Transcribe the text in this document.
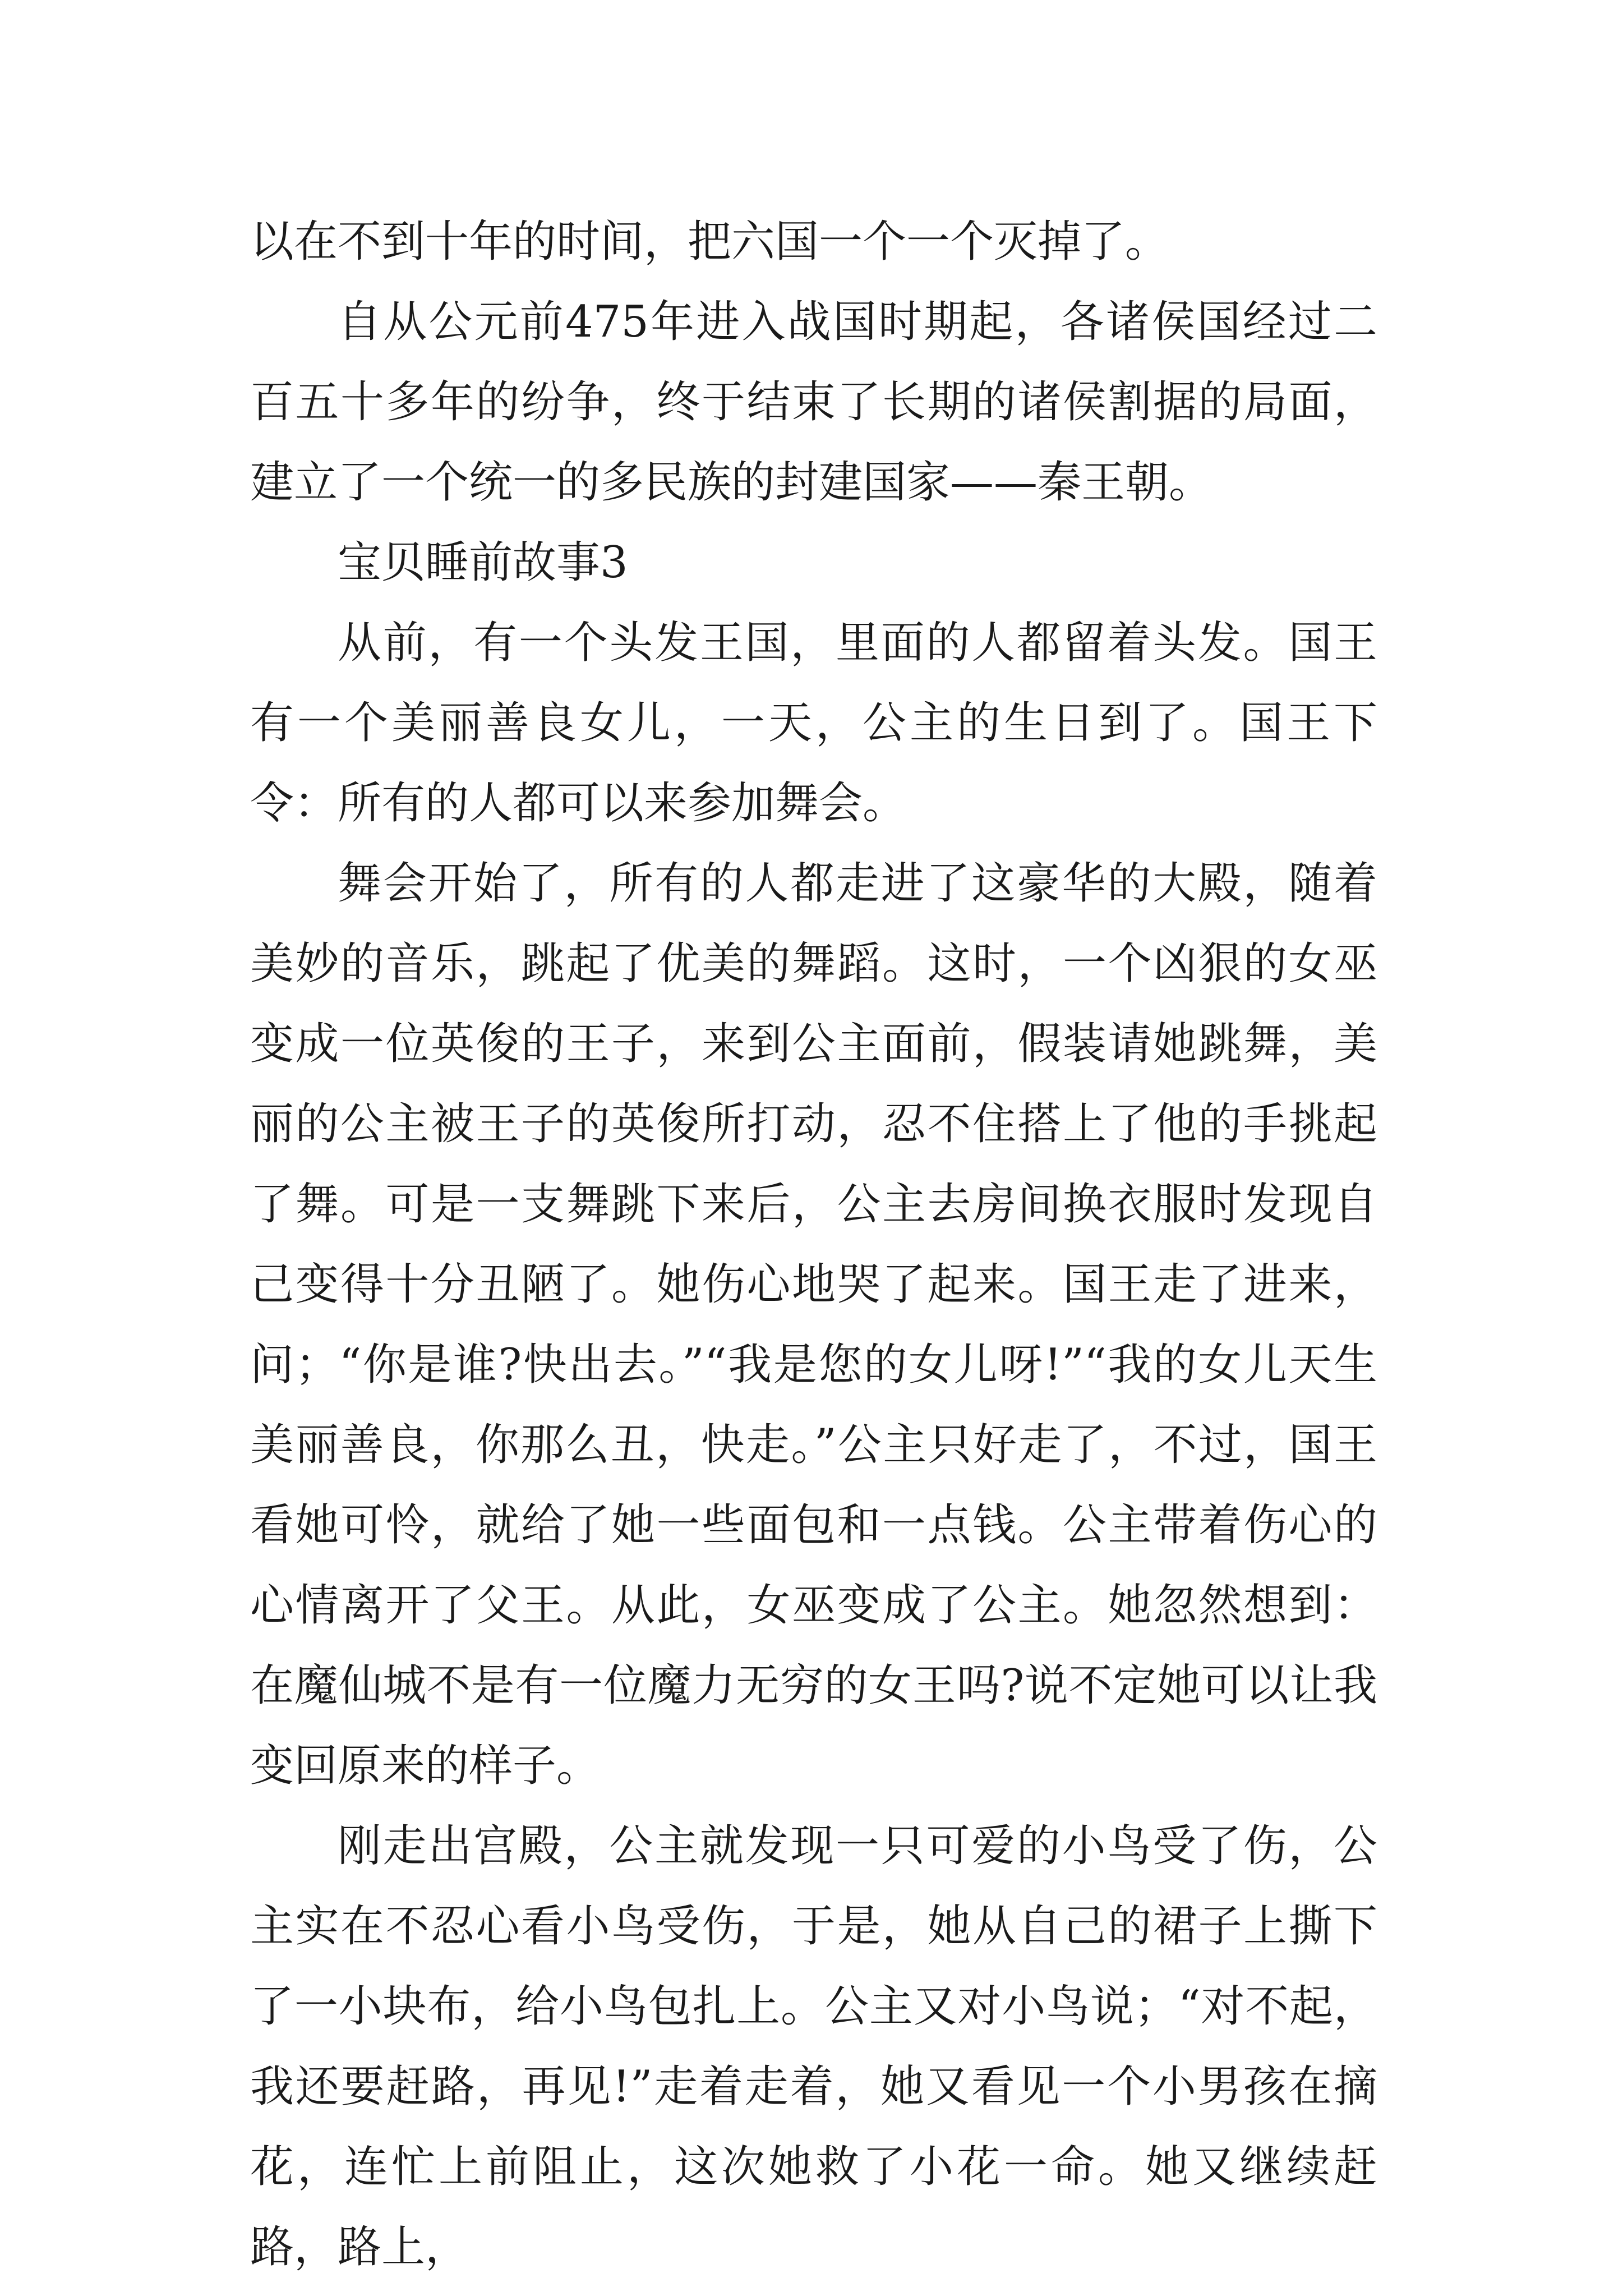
以在不到十年的时间，把六国一个一个灭掉了。

自从公元前475年进入战国时期起，各诸侯国经过二百五十多年的纷争，终于结束了长期的诸侯割据的局面，建立了一个统一的多民族的封建国家——秦王朝。

宝贝睡前故事3

从前，有一个头发王国，里面的人都留着头发。国王有一个美丽善良女儿，一天，公主的生日到了。国王下令：所有的人都可以来参加舞会。

舞会开始了，所有的人都走进了这豪华的大殿，随着美妙的音乐，跳起了优美的舞蹈。这时，一个凶狠的女巫变成一位英俊的王子，来到公主面前，假装请她跳舞，美丽的公主被王子的英俊所打动，忍不住搭上了他的手挑起了舞。可是一支舞跳下来后，公主去房间换衣服时发现自己变得十分丑陋了。她伤心地哭了起来。国王走了进来，问；“你是谁?快出去。”“我是您的女儿呀!”“我的女儿天生美丽善良，你那么丑，快走。”公主只好走了，不过，国王看她可怜，就给了她一些面包和一点钱。公主带着伤心的心情离开了父王。从此，女巫变成了公主。她忽然想到：在魔仙城不是有一位魔力无穷的女王吗?说不定她可以让我变回原来的样子。

刚走出宫殿，公主就发现一只可爱的小鸟受了伤，公主实在不忍心看小鸟受伤，于是，她从自己的裙子上撕下了一小块布，给小鸟包扎上。公主又对小鸟说；“对不起，我还要赶路，再见!”走着走着，她又看见一个小男孩在摘花，连忙上前阻止，这次她救了小花一命。她又继续赶路，路上，
